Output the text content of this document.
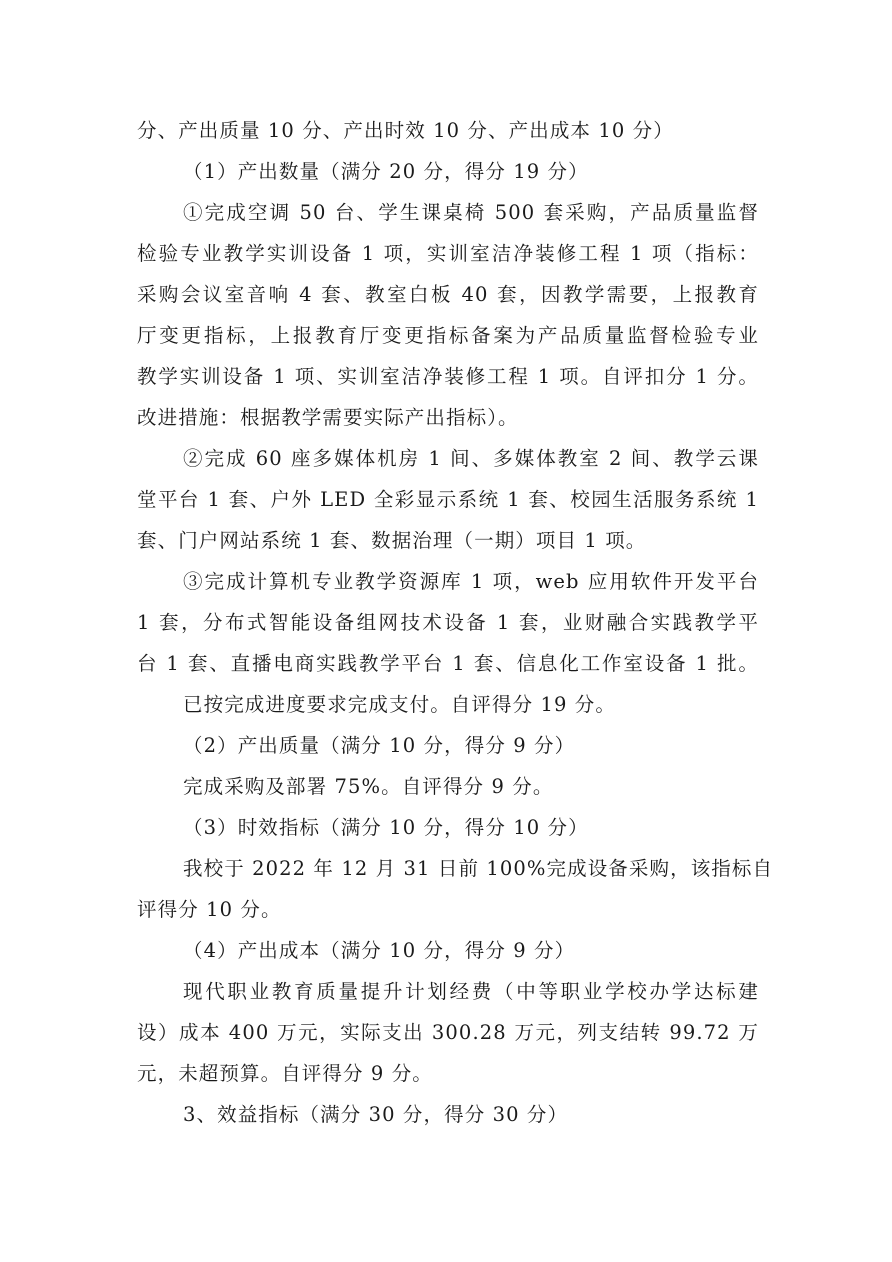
分、产出质量 10 分、产出时效 10 分、产出成本 10 分）
（1）产出数量（满分 20 分，得分 19 分）
①完成空调 50 台、学生课桌椅 500 套采购，产品质量监督
检验专业教学实训设备 1 项，实训室洁净装修工程 1 项（指标：
采购会议室音响 4 套、教室白板 40 套，因教学需要，上报教育
厅变更指标，上报教育厅变更指标备案为产品质量监督检验专业
教学实训设备 1 项、实训室洁净装修工程 1 项。自评扣分 1 分。
改进措施：根据教学需要实际产出指标）。
②完成 60 座多媒体机房 1 间、多媒体教室 2 间、教学云课
堂平台 1 套、户外 LED 全彩显示系统 1 套、校园生活服务系统 1
套、门户网站系统 1 套、数据治理（一期）项目 1 项。
③完成计算机专业教学资源库 1 项，web 应用软件开发平台
1 套，分布式智能设备组网技术设备 1 套，业财融合实践教学平
台 1 套、直播电商实践教学平台 1 套、信息化工作室设备 1 批。
已按完成进度要求完成支付。自评得分 19 分。
（2）产出质量（满分 10 分，得分 9 分）
完成采购及部署 75%。自评得分 9 分。
（3）时效指标（满分 10 分，得分 10 分）
我校于 2022 年 12 月 31 日前 100%完成设备采购，该指标自
评得分 10 分。
（4）产出成本（满分 10 分，得分 9 分）
现代职业教育质量提升计划经费（中等职业学校办学达标建
设）成本 400 万元，实际支出 300.28 万元，列支结转 99.72 万
元，未超预算。自评得分 9 分。
3、效益指标（满分 30 分，得分 30 分）
